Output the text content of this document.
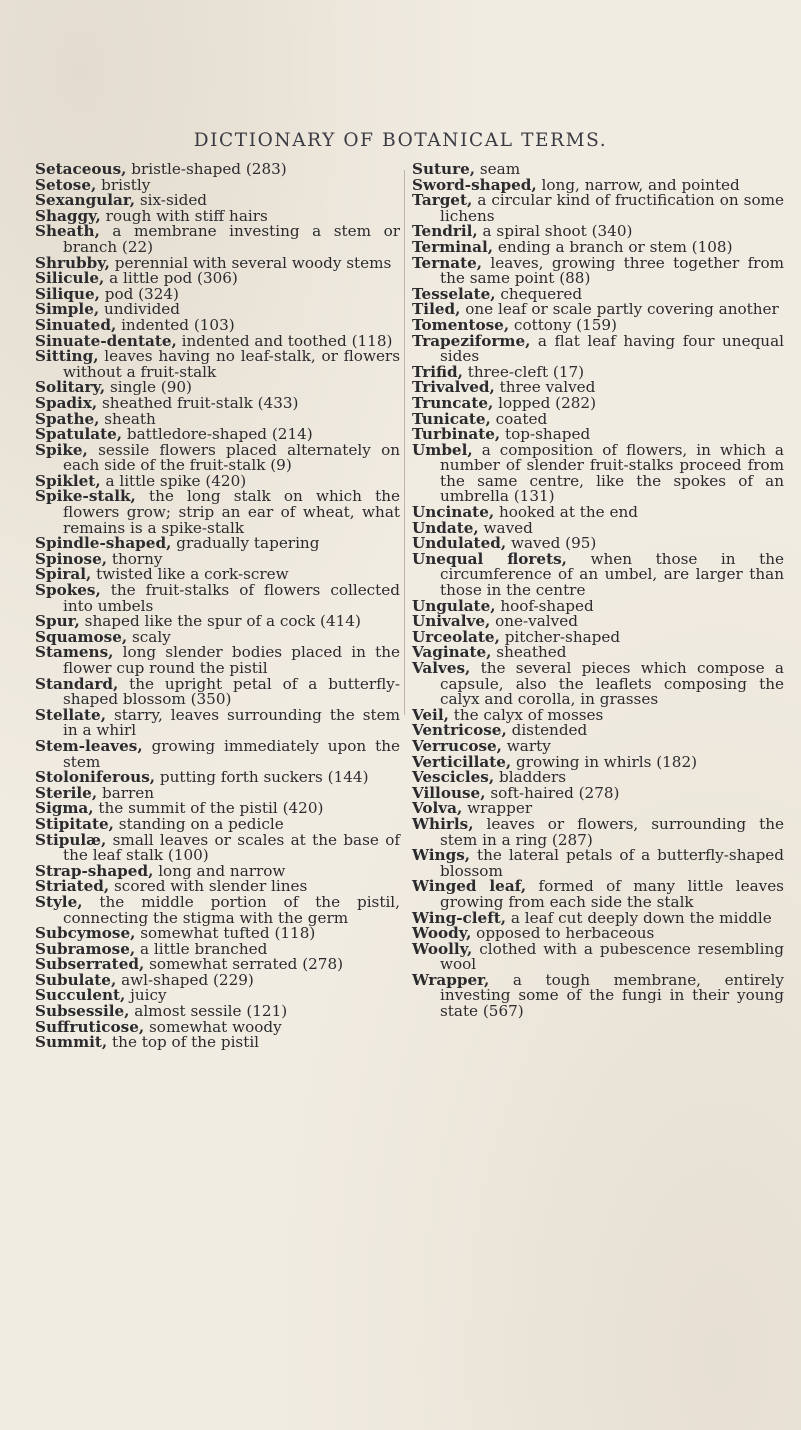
DICTIONARY OF BOTANICAL TERMS.

Setaceous, bristle-shaped (283)

Setose, bristly

Sexangular, six-sided

Shaggy, rough with stiff hairs

Sheath, a membrane investing a stem or branch (22)

Shrubby, perennial with several woody stems

Silicule, a little pod (306)

Silique, pod (324)

Simple, undivided

Sinuated, indented (103)

Sinuate-dentate, indented and toothed (118)

Sitting, leaves having no leaf-stalk, or flowers without a fruit-stalk

Solitary, single (90)

Spadix, sheathed fruit-stalk (433)

Spathe, sheath

Spatulate, battledore-shaped (214)

Spike, sessile flowers placed alternately on each side of the fruit-stalk (9)

Spiklet, a little spike (420)

Spike-stalk, the long stalk on which the flowers grow; strip an ear of wheat, what remains is a spike-stalk

Spindle-shaped, gradually tapering

Spinose, thorny

Spiral, twisted like a cork-screw

Spokes, the fruit-stalks of flowers collected into umbels

Spur, shaped like the spur of a cock (414)

Squamose, scaly

Stamens, long slender bodies placed in the flower cup round the pistil

Standard, the upright petal of a butterfly-shaped blossom (350)

Stellate, starry, leaves surrounding the stem in a whirl

Stem-leaves, growing immediately upon the stem

Stoloniferous, putting forth suckers (144)

Sterile, barren

Sigma, the summit of the pistil (420)

Stipitate, standing on a pedicle

Stipulæ, small leaves or scales at the base of the leaf stalk (100)

Strap-shaped, long and narrow

Striated, scored with slender lines

Style, the middle portion of the pistil, connecting the stigma with the germ

Subcymose, somewhat tufted (118)

Subramose, a little branched

Subserrated, somewhat serrated (278)

Subulate, awl-shaped (229)

Succulent, juicy

Subsessile, almost sessile (121)

Suffruticose, somewhat woody

Summit, the top of the pistil

Suture, seam

Sword-shaped, long, narrow, and pointed

Target, a circular kind of fructification on some lichens

Tendril, a spiral shoot (340)

Terminal, ending a branch or stem (108)

Ternate, leaves, growing three together from the same point (88)

Tesselate, chequered

Tiled, one leaf or scale partly covering another

Tomentose, cottony (159)

Trapeziforme, a flat leaf having four unequal sides

Trifid, three-cleft (17)

Trivalved, three valved

Truncate, lopped (282)

Tunicate, coated

Turbinate, top-shaped

Umbel, a composition of flowers, in which a number of slender fruit-stalks proceed from the same centre, like the spokes of an umbrella (131)

Uncinate, hooked at the end

Undate, waved

Undulated, waved (95)

Unequal florets, when those in the circumference of an umbel, are larger than those in the centre

Ungulate, hoof-shaped

Univalve, one-valved

Urceolate, pitcher-shaped

Vaginate, sheathed

Valves, the several pieces which compose a capsule, also the leaflets composing the calyx and corolla, in grasses

Veil, the calyx of mosses

Ventricose, distended

Verrucose, warty

Verticillate, growing in whirls (182)

Vescicles, bladders

Villouse, soft-haired (278)

Volva, wrapper

Whirls, leaves or flowers, surrounding the stem in a ring (287)

Wings, the lateral petals of a butterfly-shaped blossom

Winged leaf, formed of many little leaves growing from each side the stalk

Wing-cleft, a leaf cut deeply down the middle

Woody, opposed to herbaceous

Woolly, clothed with a pubescence resembling wool

Wrapper, a tough membrane, entirely investing some of the fungi in their young state (567)
